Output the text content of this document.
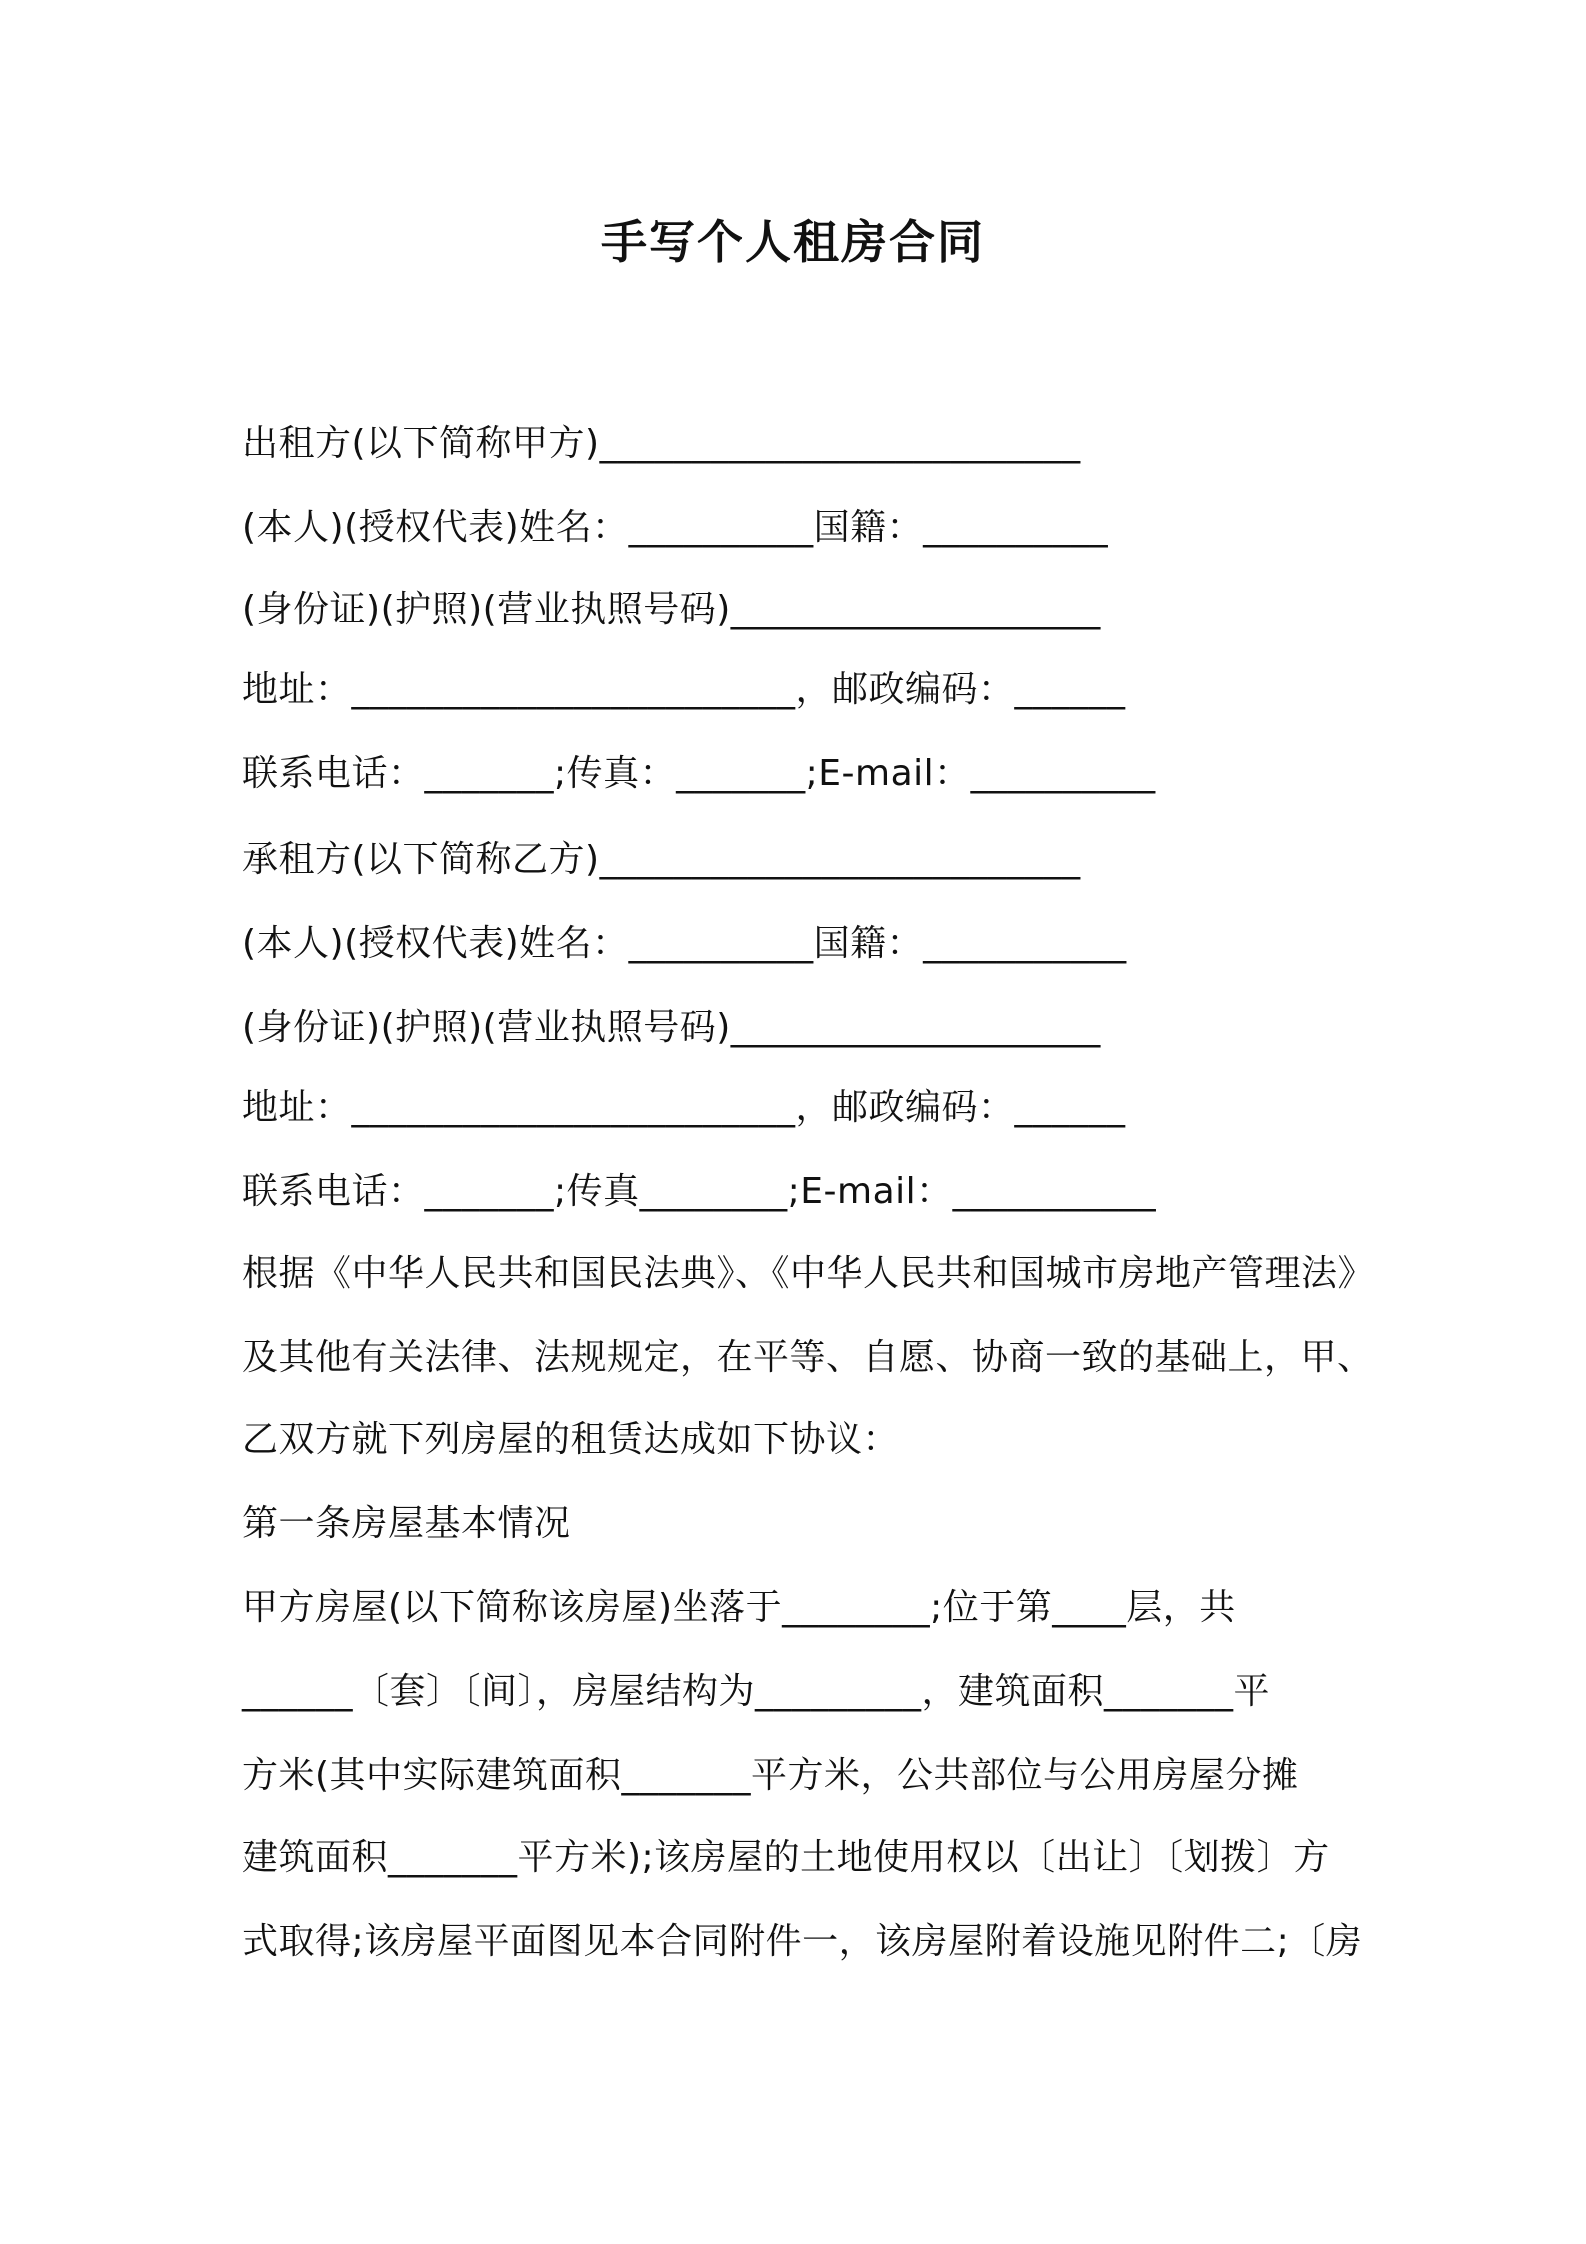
手写个人租房合同
出租方(以下简称甲方)__________________________
(本人)(授权代表)姓名：__________国籍：__________
(身份证)(护照)(营业执照号码)____________________
地址：________________________，邮政编码：______
联系电话：_______;传真：_______;E-mail：__________
承租方(以下简称乙方)__________________________
(本人)(授权代表)姓名：__________国籍：___________
(身份证)(护照)(营业执照号码)____________________
地址：________________________，邮政编码：______
联系电话：_______;传真________;E-mail：___________
根据《中华人民共和国民法典》、《中华人民共和国城市房地产管理法》
及其他有关法律、法规规定，在平等、自愿、协商一致的基础上，甲、
乙双方就下列房屋的租赁达成如下协议：
第一条房屋基本情况
甲方房屋(以下简称该房屋)坐落于________;位于第____层，共
______〔套〕〔间〕，房屋结构为_________，建筑面积_______平
方米(其中实际建筑面积_______平方米，公共部位与公用房屋分摊
建筑面积_______平方米);该房屋的土地使用权以〔出让〕〔划拨〕方
式取得;该房屋平面图见本合同附件一，该房屋附着设施见附件二;〔房
